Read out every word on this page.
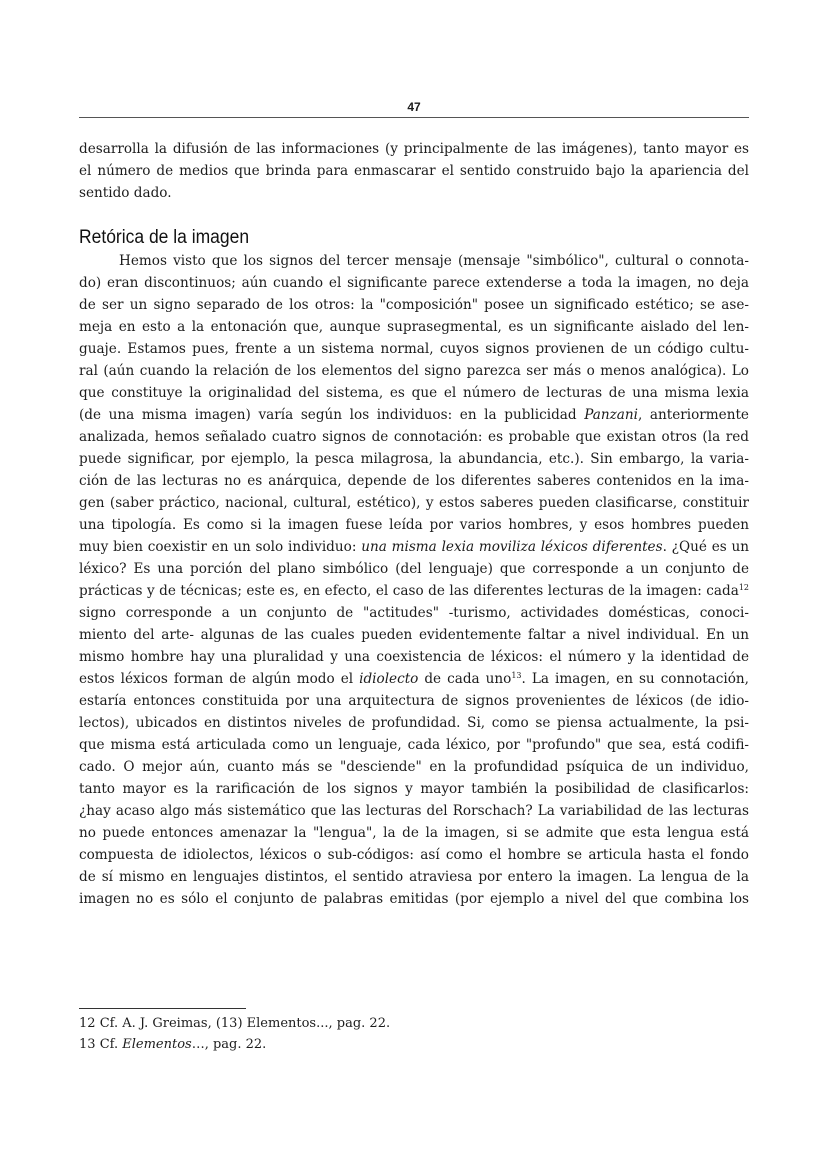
47
desarrolla la difusión de las informaciones (y principalmente de las imágenes), tanto mayor es
el número de medios que brinda para enmascarar el sentido construido bajo la apariencia del
sentido dado.
Retórica de la imagen
Hemos visto que los signos del tercer mensaje (mensaje "simbólico", cultural o connota-
do) eran discontinuos; aún cuando el significante parece extenderse a toda la imagen, no deja
de ser un signo separado de los otros: la "composición" posee un significado estético; se ase-
meja en esto a la entonación que, aunque suprasegmental, es un significante aislado del len-
guaje. Estamos pues, frente a un sistema normal, cuyos signos provienen de un código cultu-
ral (aún cuando la relación de los elementos del signo parezca ser más o menos analógica). Lo
que constituye la originalidad del sistema, es que el número de lecturas de una misma lexia
(de una misma imagen) varía según los individuos: en la publicidad Panzani, anteriormente
analizada, hemos señalado cuatro signos de connotación: es probable que existan otros (la red
puede significar, por ejemplo, la pesca milagrosa, la abundancia, etc.). Sin embargo, la varia-
ción de las lecturas no es anárquica, depende de los diferentes saberes contenidos en la ima-
gen (saber práctico, nacional, cultural, estético), y estos saberes pueden clasificarse, constituir
una tipología. Es como si la imagen fuese leída por varios hombres, y esos hombres pueden
muy bien coexistir en un solo individuo: una misma lexia moviliza léxicos diferentes. ¿Qué es un
léxico? Es una porción del plano simbólico (del lenguaje) que corresponde a un conjunto de
prácticas y de técnicas; este es, en efecto, el caso de las diferentes lecturas de la imagen: cada$^{12}$
signo corresponde a un conjunto de "actitudes" -turismo, actividades domésticas, conoci-
miento del arte- algunas de las cuales pueden evidentemente faltar a nivel individual. En un
mismo hombre hay una pluralidad y una coexistencia de léxicos: el número y la identidad de
estos léxicos forman de algún modo el idiolecto de cada uno$^{13}$. La imagen, en su connotación,
estaría entonces constituida por una arquitectura de signos provenientes de léxicos (de idio-
lectos), ubicados en distintos niveles de profundidad. Si, como se piensa actualmente, la psi-
que misma está articulada como un lenguaje, cada léxico, por "profundo" que sea, está codifi-
cado. O mejor aún, cuanto más se "desciende" en la profundidad psíquica de un individuo,
tanto mayor es la rarificación de los signos y mayor también la posibilidad de clasificarlos:
¿hay acaso algo más sistemático que las lecturas del Rorschach? La variabilidad de las lecturas
no puede entonces amenazar la "lengua", la de la imagen, si se admite que esta lengua está
compuesta de idiolectos, léxicos o sub-códigos: así como el hombre se articula hasta el fondo
de sí mismo en lenguajes distintos, el sentido atraviesa por entero la imagen. La lengua de la
imagen no es sólo el conjunto de palabras emitidas (por ejemplo a nivel del que combina los
12 Cf. A. J. Greimas, (13) Elementos..., pag. 22.
13 Cf. Elementos…, pag. 22.
